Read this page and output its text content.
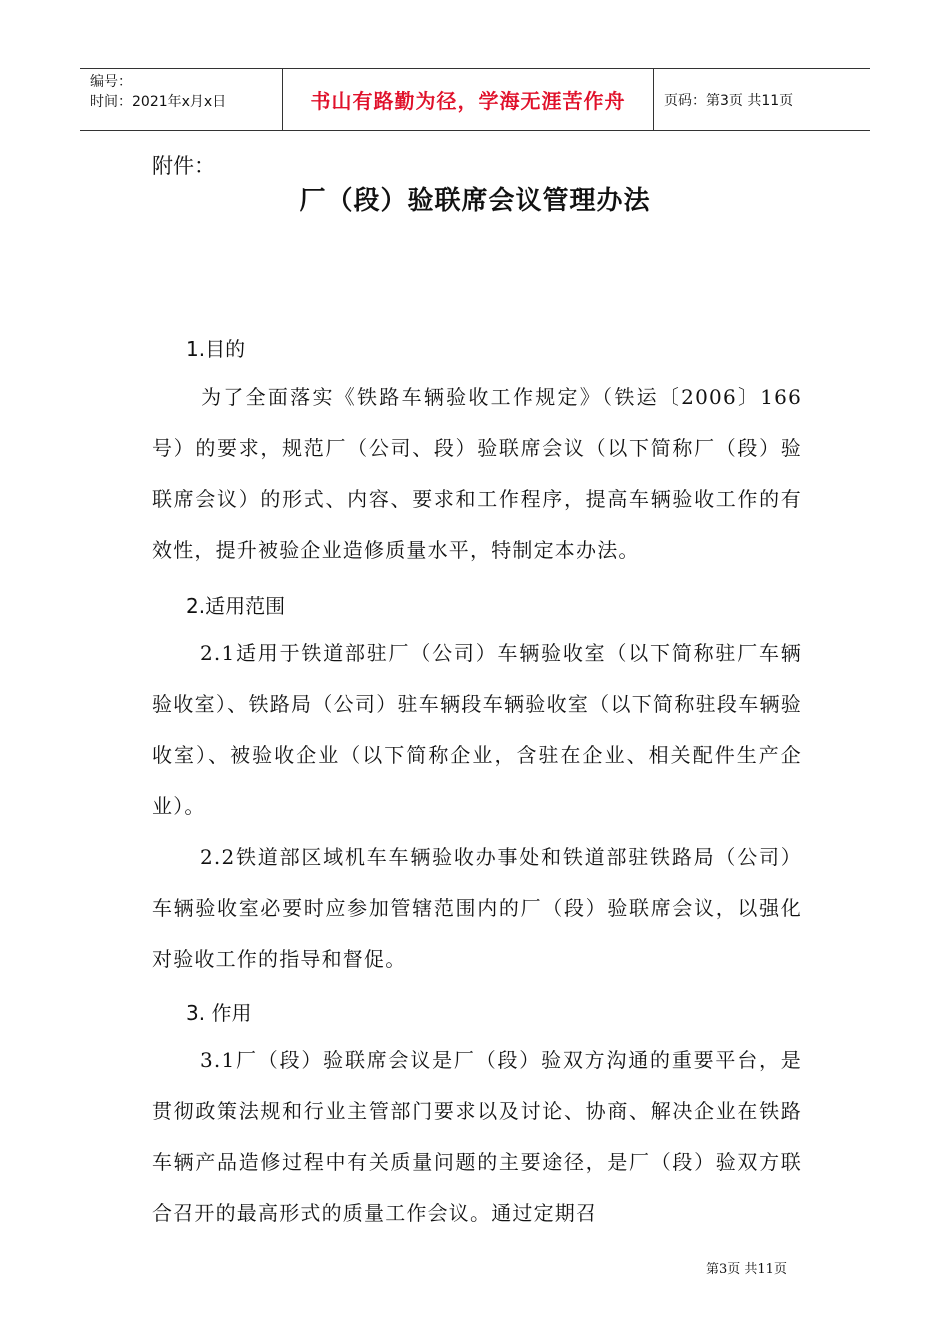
编号：
时间：2021年x月x日	书山有路勤为径，学海无涯苦作舟	页码：第3页 共11页
附件：
厂（段）验联席会议管理办法
1.目的
为了全面落实《铁路车辆验收工作规定》（铁运〔2006〕166号）的要求，规范厂（公司、段）验联席会议（以下简称厂（段）验联席会议）的形式、内容、要求和工作程序，提高车辆验收工作的有效性，提升被验企业造修质量水平，特制定本办法。
2.适用范围
2.1适用于铁道部驻厂（公司）车辆验收室（以下简称驻厂车辆验收室）、铁路局（公司）驻车辆段车辆验收室（以下简称驻段车辆验收室）、被验收企业（以下简称企业，含驻在企业、相关配件生产企业）。
2.2铁道部区域机车车辆验收办事处和铁道部驻铁路局（公司）车辆验收室必要时应参加管辖范围内的厂（段）验联席会议，以强化对验收工作的指导和督促。
3. 作用
3.1厂（段）验联席会议是厂（段）验双方沟通的重要平台，是贯彻政策法规和行业主管部门要求以及讨论、协商、解决企业在铁路车辆产品造修过程中有关质量问题的主要途径，是厂（段）验双方联合召开的最高形式的质量工作会议。通过定期召
第3页 共11页
